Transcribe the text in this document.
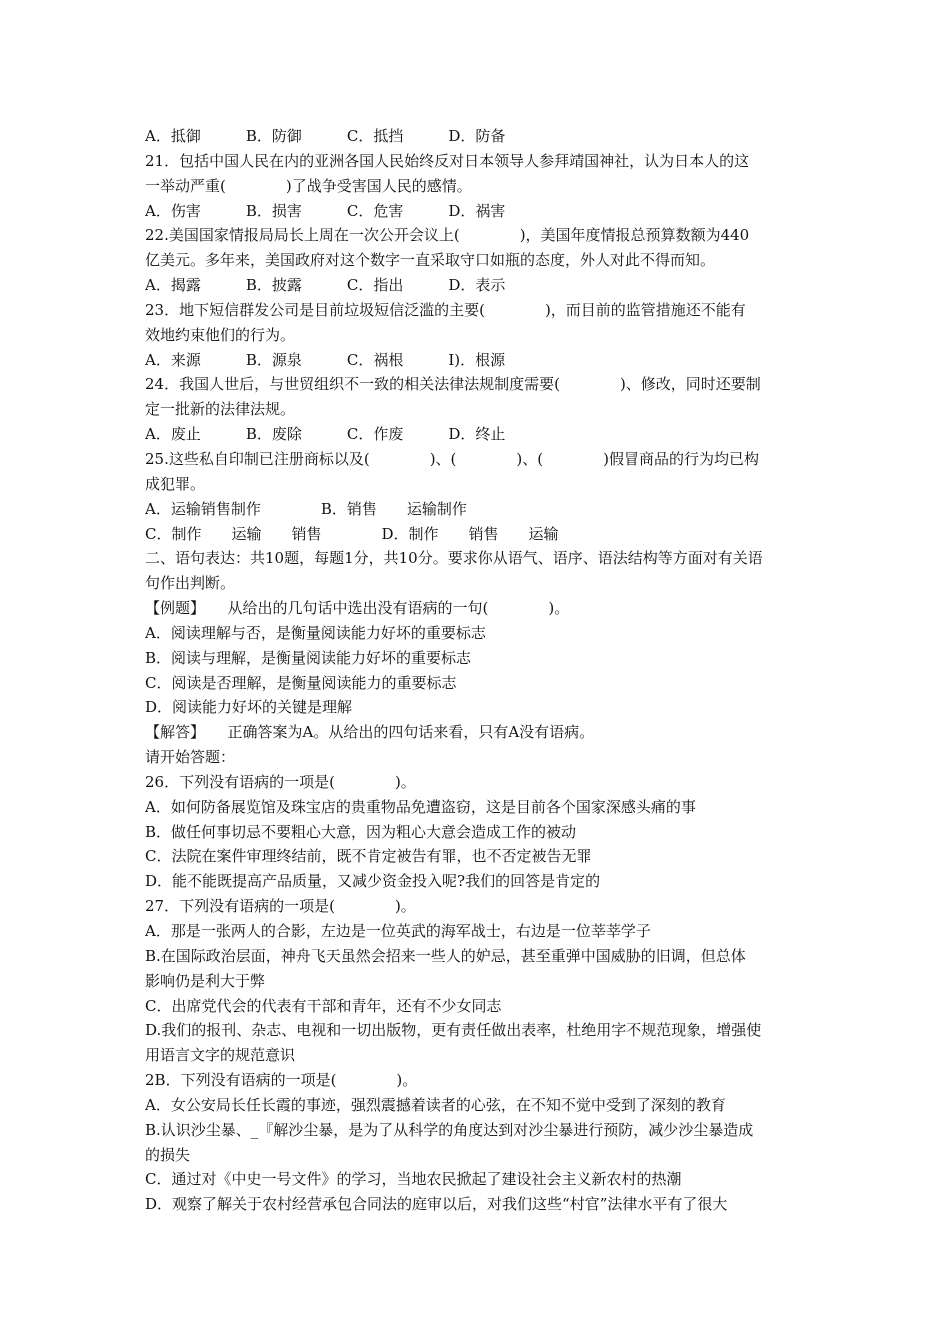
A．抵御　　　B．防御　　　C．抵挡　　　D．防备
21．包括中国人民在内的亚洲各国人民始终反对日本领导人参拜靖国神社，认为日本人的这
一举动严重(　　　　)了战争受害国人民的感情。
A．伤害　　　B．损害　　　C．危害　　　D．祸害
22.美国国家情报局局长上周在一次公开会议上(　　　　)，美国年度情报总预算数额为440
亿美元。多年来，美国政府对这个数字一直采取守口如瓶的态度，外人对此不得而知。
A．揭露　　　B．披露　　　C．指出　　　D．表示
23．地下短信群发公司是目前垃圾短信泛滥的主要(　　　　)，而目前的监管措施还不能有
效地约束他们的行为。
A．来源　　　B．源泉　　　C．祸根　　　I)．根源
24．我国人世后，与世贸组织不一致的相关法律法规制度需要(　　　　)、修改，同时还要制
定一批新的法律法规。
A．废止　　　B．废除　　　C．作废　　　D．终止
25.这些私自印制已注册商标以及(　　　　)、(　　　　)、(　　　　)假冒商品的行为均已构
成犯罪。
A．运输销售制作　　　　B．销售　　运输制作
C．制作　　运输　　销售　　　　D．制作　　销售　　运输
二、语句表达：共10题，每题1分，共10分。要求你从语气、语序、语法结构等方面对有关语
句作出判断。
【例题】　　从给出的几句话中选出没有语病的一句(　　　　)。
A．阅读理解与否，是衡量阅读能力好坏的重要标志
B．阅读与理解，是衡量阅读能力好坏的重要标志
C．阅读是否理解，是衡量阅读能力的重要标志
D．阅读能力好坏的关键是理解
【解答】　　正确答案为A。从给出的四句话来看，只有A没有语病。
请开始答题：
26．下列没有语病的一项是(　　　　)。
A．如何防备展览馆及珠宝店的贵重物品免遭盗窃，这是目前各个国家深感头痛的事
B．做任何事切忌不要粗心大意，因为粗心大意会造成工作的被动
C．法院在案件审理终结前，既不肯定被告有罪，也不否定被告无罪
D．能不能既提高产品质量，又减少资金投入呢?我们的回答是肯定的
27．下列没有语病的一项是(　　　　)。
A．那是一张两人的合影，左边是一位英武的海军战士，右边是一位莘莘学子
B.在国际政治层面，神舟飞天虽然会招来一些人的妒忌，甚至重弹中国威胁的旧调，但总体
影响仍是利大于弊
C．出席党代会的代表有干部和青年，还有不少女同志
D.我们的报刊、杂志、电视和一切出版物，更有责任做出表率，杜绝用字不规范现象，增强使
用语言文字的规范意识
2B．下列没有语病的一项是(　　　　)。
A．女公安局长任长霞的事迹，强烈震撼着读者的心弦，在不知不觉中受到了深刻的教育
B.认识沙尘暴、_『解沙尘暴，是为了从科学的角度达到对沙尘暴进行预防，减少沙尘暴造成
的损失
C．通过对《中史一号文件》的学习，当地农民掀起了建设社会主义新农村的热潮
D．观察了解关于农村经营承包合同法的庭审以后，对我们这些“村官”法律水平有了很大
